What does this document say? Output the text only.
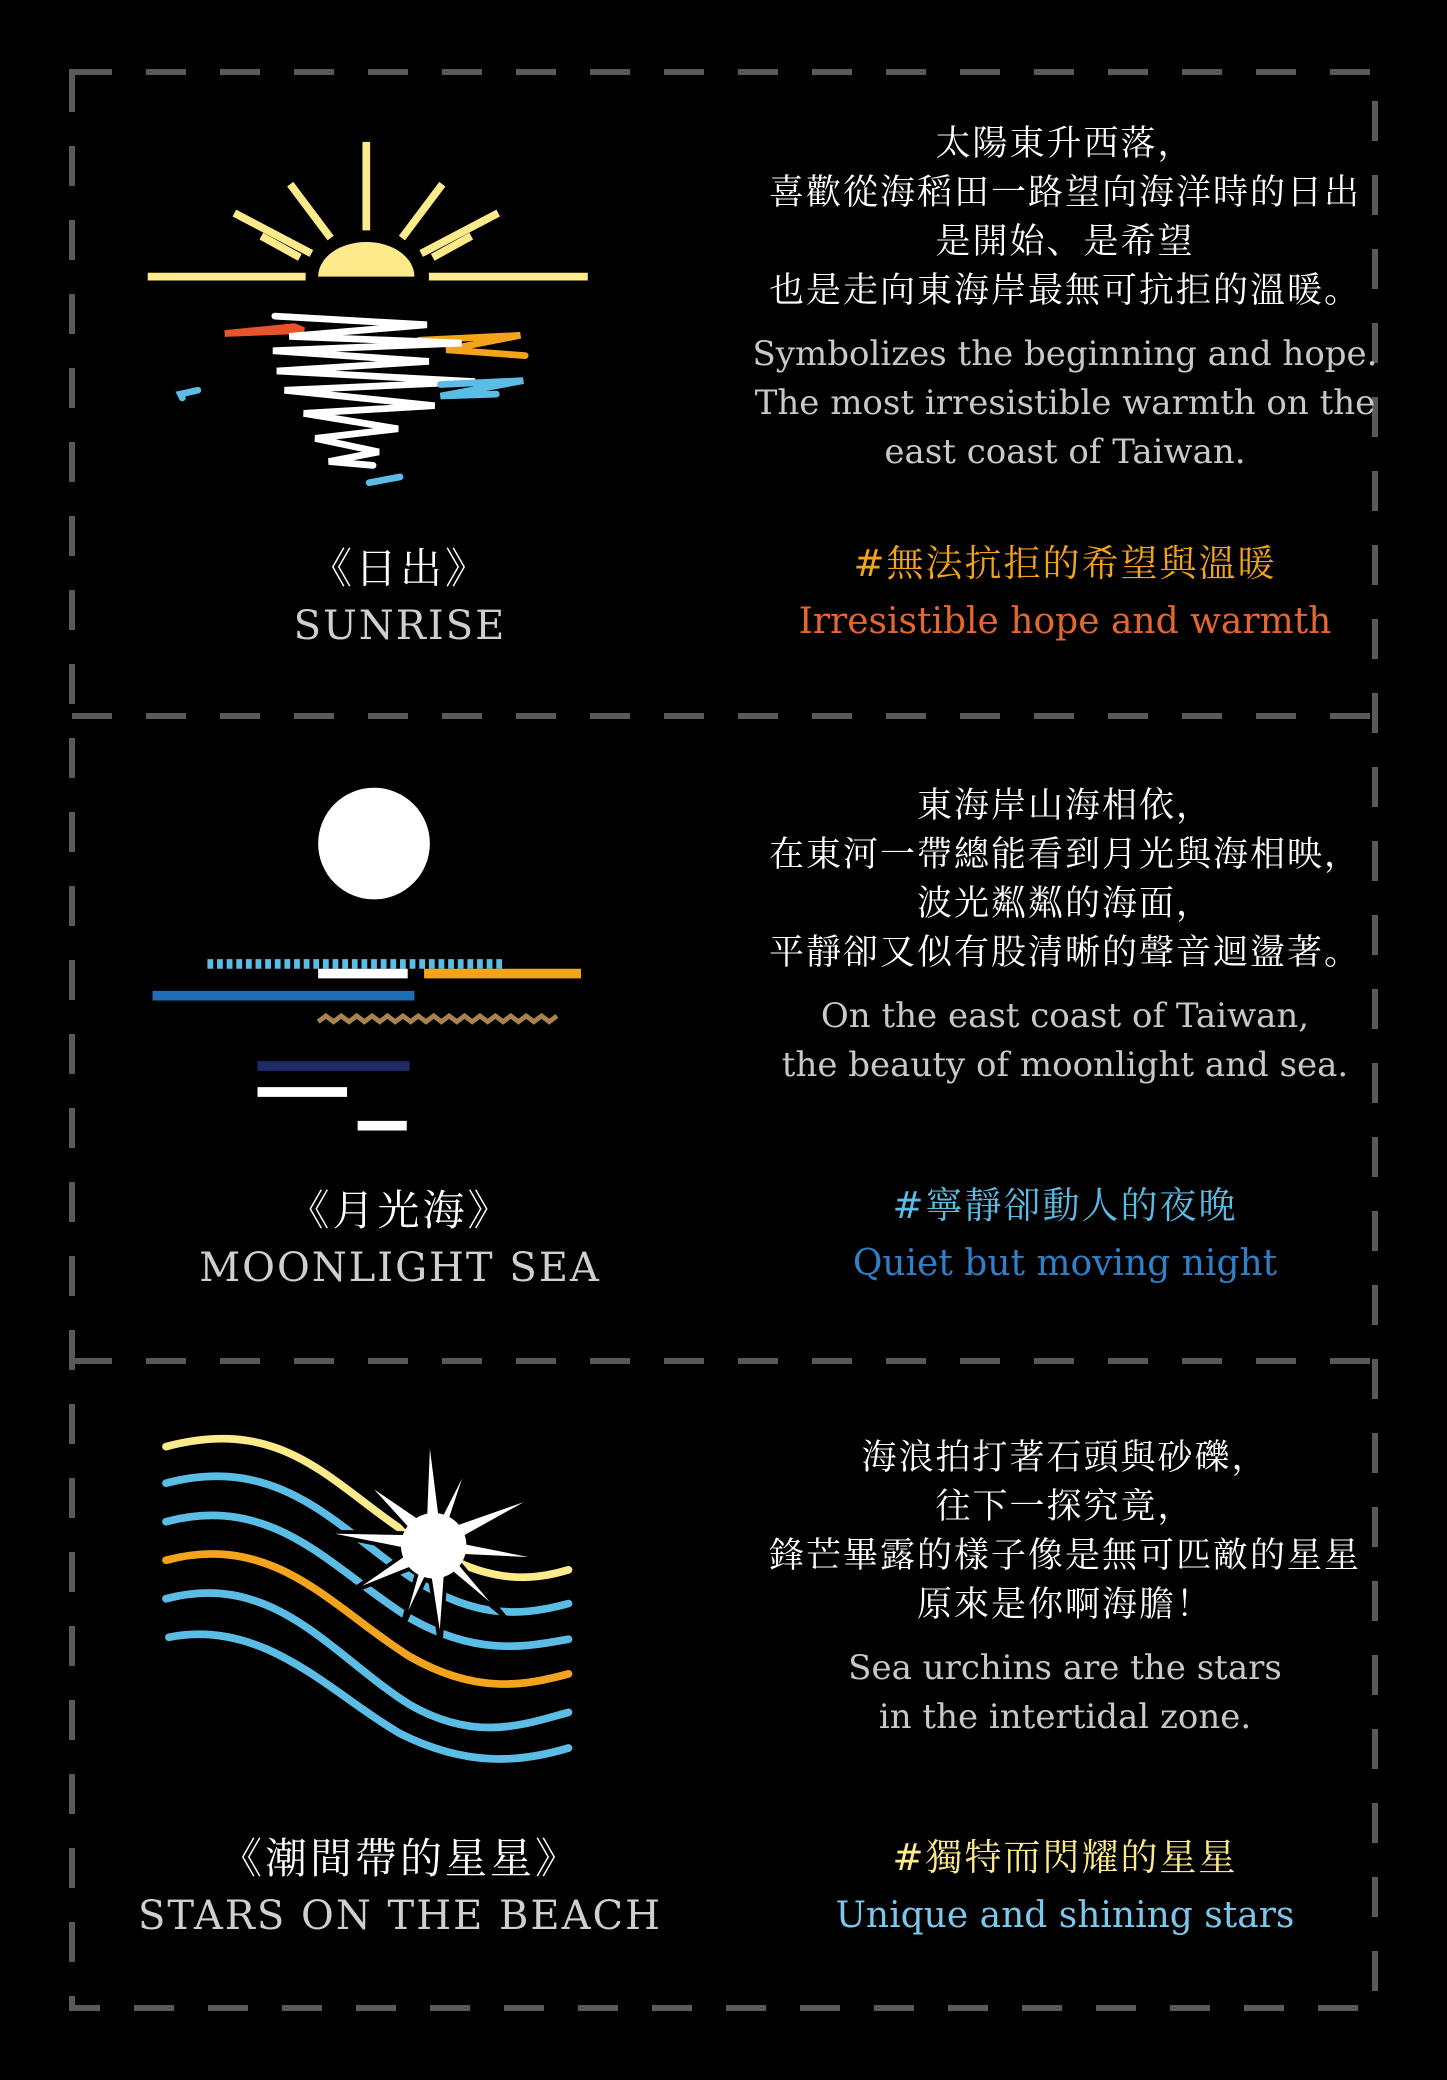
《日出》
SUNRISE
太陽東升西落，
喜歡從海稻田一路望向海洋時的日出
是開始、是希望
也是走向東海岸最無可抗拒的溫暖。
Symbolizes the beginning and hope.
The most irresistible warmth on the
east coast of Taiwan.
#無法抗拒的希望與溫暖
Irresistible hope and warmth
《月光海》
MOONLIGHT SEA
東海岸山海相依，
在東河一帶總能看到月光與海相映，
波光粼粼的海面，
平靜卻又似有股清晰的聲音迴盪著。
On the east coast of Taiwan,
the beauty of moonlight and sea.
#寧靜卻動人的夜晚
Quiet but moving night
《潮間帶的星星》
STARS ON THE BEACH
海浪拍打著石頭與砂礫，
往下一探究竟，
鋒芒畢露的樣子像是無可匹敵的星星
原來是你啊海膽！
Sea urchins are the stars
in the intertidal zone.
#獨特而閃耀的星星
Unique and shining stars
